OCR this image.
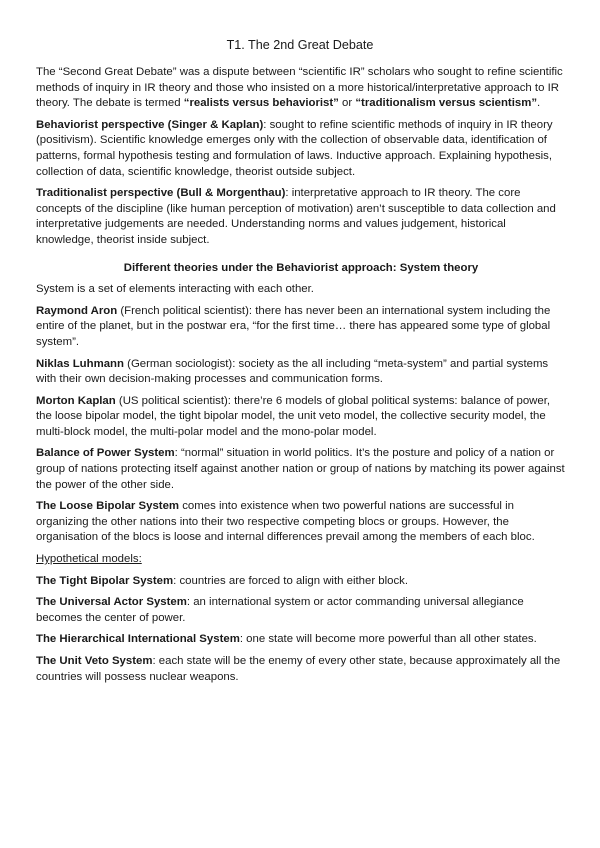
T1. The 2nd Great Debate

The “Second Great Debate” was a dispute between “scientific IR” scholars who sought to refine scientific methods of inquiry in IR theory and those who insisted on a more historical/interpretative approach to IR theory. The debate is termed “realists versus behaviorist” or “traditionalism versus scientism”.

Behaviorist perspective (Singer & Kaplan): sought to refine scientific methods of inquiry in IR theory (positivism). Scientific knowledge emerges only with the collection of observable data, identification of patterns, formal hypothesis testing and formulation of laws. Inductive approach. Explaining hypothesis, collection of data, scientific knowledge, theorist outside subject.

Traditionalist perspective (Bull & Morgenthau): interpretative approach to IR theory. The core concepts of the discipline (like human perception of motivation) aren’t susceptible to data collection and interpretative judgements are needed. Understanding norms and values judgement, historical knowledge, theorist inside subject.

Different theories under the Behaviorist approach: System theory

System is a set of elements interacting with each other.

Raymond Aron (French political scientist): there has never been an international system including the entire of the planet, but in the postwar era, “for the first time… there has appeared some type of global system”.

Niklas Luhmann (German sociologist): society as the all including “meta-system” and partial systems with their own decision-making processes and communication forms.

Morton Kaplan (US political scientist): there’re 6 models of global political systems: balance of power, the loose bipolar model, the tight bipolar model, the unit veto model, the collective security model, the multi-block model, the multi-polar model and the mono-polar model.

Balance of Power System: “normal” situation in world politics. It’s the posture and policy of a nation or group of nations protecting itself against another nation or group of nations by matching its power against the power of the other side.

The Loose Bipolar System comes into existence when two powerful nations are successful in organizing the other nations into their two respective competing blocs or groups. However, the organisation of the blocs is loose and internal differences prevail among the members of each bloc.

Hypothetical models:

The Tight Bipolar System: countries are forced to align with either block.

The Universal Actor System: an international system or actor commanding universal allegiance becomes the center of power.

The Hierarchical International System: one state will become more powerful than all other states.

The Unit Veto System: each state will be the enemy of every other state, because approximately all the countries will possess nuclear weapons.
